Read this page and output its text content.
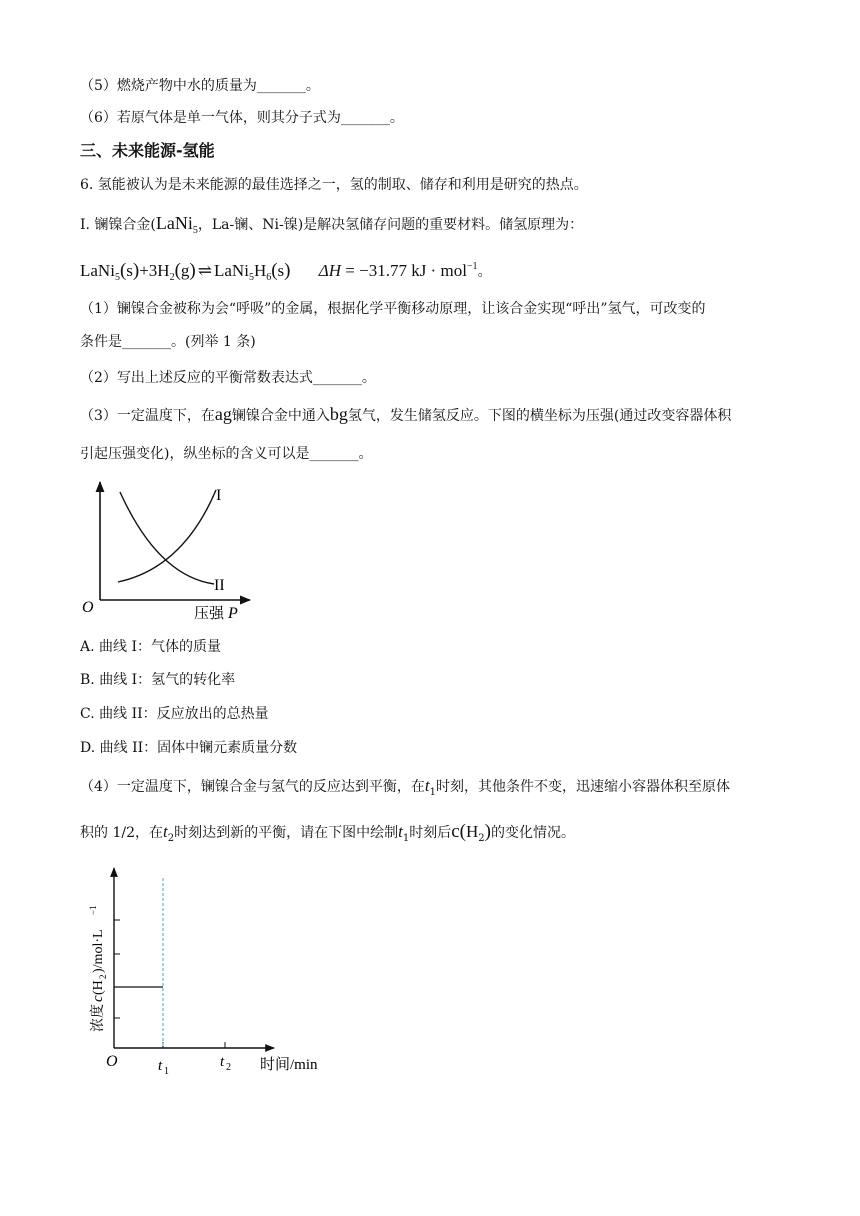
（5）燃烧产物中水的质量为_______。
（6）若原气体是单一气体，则其分子式为_______。
三、未来能源-氢能
6. 氢能被认为是未来能源的最佳选择之一，氢的制取、储存和利用是研究的热点。
I. 镧镍合金(LaNi$_5$，La-镧、Ni-镍)是解决氢储存问题的重要材料。储氢原理为：
$LaNi_5(s)+3H_2(g)$ ⇌ $LaNi_5H_6(s) \Delta H = -31.77$ kJ · mol$^{-1}$。
（1）镧镍合金被称为会“呼吸”的金属，根据化学平衡移动原理，让该合金实现“呼出”氢气，可改变的
条件是_______。(列举 1 条)
（2）写出上述反应的平衡常数表达式_______。
（3）一定温度下，在ag镧镍合金中通入bg氢气，发生储氢反应。下图的横坐标为压强(通过改变容器体积
引起压强变化)，纵坐标的含义可以是_______。
I
II
O	压强 P
A. 曲线 I：气体的质量
B. 曲线 I：氢气的转化率
C. 曲线 II：反应放出的总热量
D. 曲线 II：固体中镧元素质量分数
（4）一定温度下，镧镍合金与氢气的反应达到平衡，在$t_1$时刻，其他条件不变，迅速缩小容器体积至原体
积的 1/2，在$t_2$时刻达到新的平衡，请在下图中绘制$t_1$时刻后$c(H_2)$的变化情况。
O	t 1
t 2 时间/min
浓度
c
(H
2
)/mol·L
−1
